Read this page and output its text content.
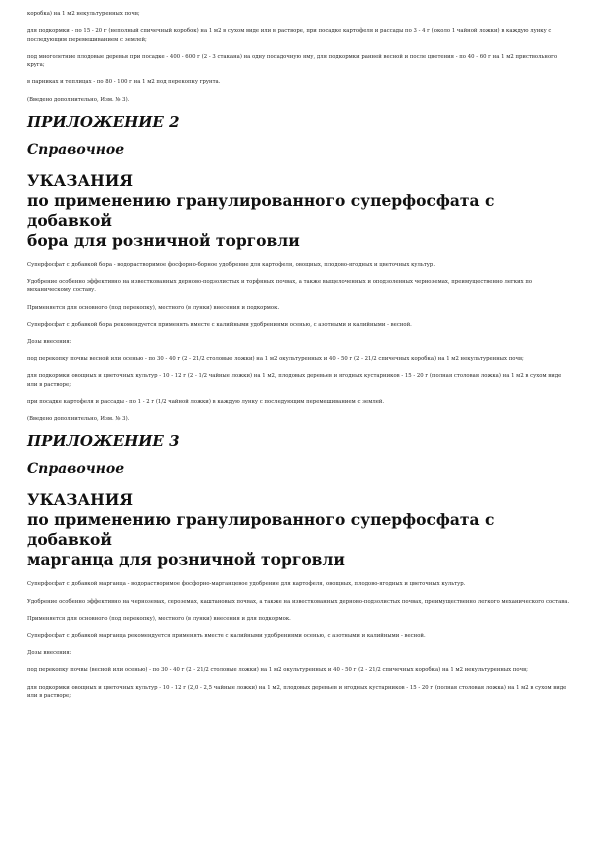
коробка) на 1 м2 некультуренных почв;

для подкормки - по 15 - 20 г (неполный спичечный коробок) на 1 м2 в сухом виде или в растворе, при посадке картофеля и рассады по 3 - 4 г (около 1 чайной ложки) в каждую лунку с последующим перемешиванием с землей;

под многолетние плодовые деревья при посадке - 400 - 600 г (2 - 3 стакана) на одну посадочную яму, для подкормки ранней весной и после цветения - по 40 - 60 г на 1 м2 приствольного круга;

в парниках и теплицах - по 80 - 100 г на 1 м2 под перекопку грунта.

(Введено дополнительно, Изм. № 3).

ПРИЛОЖЕНИЕ 2
Справочное
УКАЗАНИЯ
по применению гранулированного суперфосфата с добавкой
бора для розничной торговли

Суперфосфат с добавкой бора - водорастворимое фосфорно-борное удобрение для картофеля, овощных, плодово-ягодных и цветочных культур.

Удобрение особенно эффективно на известкованных дерново-подзолистых и торфяных почвах, а также выщелоченных и оподзоленных черноземах, преимущественно легких по механическому составу.

Применяется для основного (под перекопку), местного (в лунки) внесения и подкормок.

Суперфосфат с добавкой бора рекомендуется применять вместе с калийными удобрениями осенью, с азотными и калийными - весной.

Дозы внесения:

под перекопку почвы весной или осенью - по 30 - 40 г (2 - 21/2 столовые ложки) на 1 м2 окультуренных и 40 - 50 г (2 - 21/2 спичечных коробка) на 1 м2 некультуренных почв;

для подкормки овощных и цветочных культур - 10 - 12 г (2 - 1/2 чайные ложки) на 1 м2, плодовых деревьев и ягодных кустарников - 15 - 20 г (полная столовая ложка) на 1 м2 в сухом виде или в растворе;

при посадке картофеля и рассады - по 1 - 2 г (1/2 чайной ложки) в каждую лунку с последующим перемешиванием с землей.

(Введено дополнительно, Изм. № 3).

ПРИЛОЖЕНИЕ 3
Справочное
УКАЗАНИЯ
по применению гранулированного суперфосфата с добавкой
марганца для розничной торговли

Суперфосфат с добавкой марганца - водорастворимое фосфорно-марганцевое удобрение для картофеля, овощных, плодово-ягодных и цветочных культур.

Удобрение особенно эффективно на черноземах, сероземах, каштановых почвах, а также на известкованных дерново-подзолистых почвах, преимущественно легкого механического состава.

Применяется для основного (под перекопку), местного (в лунки) внесения и для подкормок.

Суперфосфат с добавкой марганца рекомендуется применять вместе с калийными удобрениями осенью, с азотными и калийными - весной.

Дозы внесения:

под перекопку почвы (весной или осенью) - по 30 - 40 г (2 - 21/2 столовые ложки) на 1 м2 окультуренных и 40 - 50 г (2 - 21/2 спичечных коробка) на 1 м2 некультуренных почв;

для подкормки овощных и цветочных культур - 10 - 12 г (2,0 - 2,5 чайные ложки) на 1 м2, плодовых деревьев и ягодных кустарников - 15 - 20 г (полная столовая ложка) на 1 м2 в сухом виде или в растворе;
